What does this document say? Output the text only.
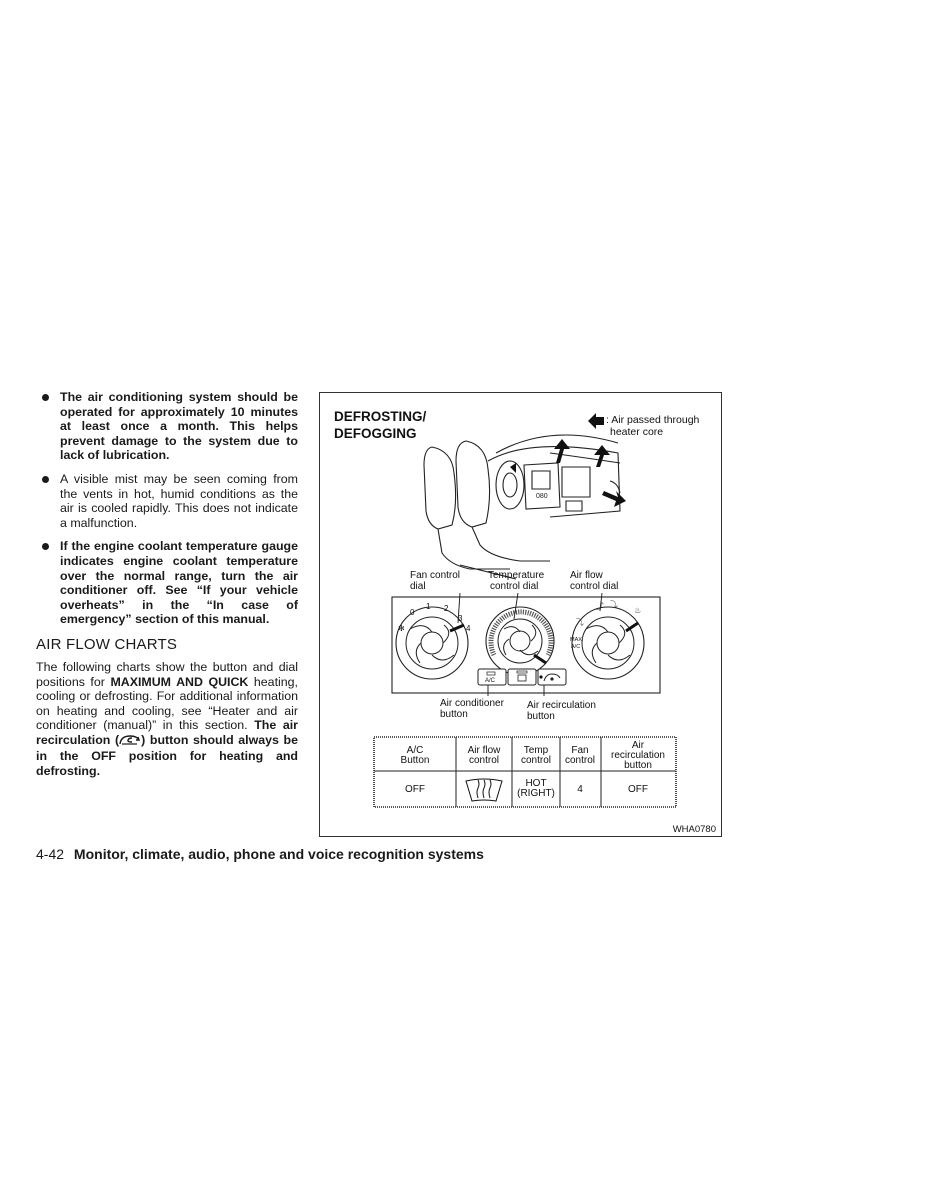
The air conditioning system should be operated for approximately 10 minutes at least once a month. This helps prevent damage to the system due to lack of lubrication.
A visible mist may be seen coming from the vents in hot, humid conditions as the air is cooled rapidly. This does not indicate a malfunction.
If the engine coolant temperature gauge indicates engine coolant temperature over the normal range, turn the air conditioner off. See “If your vehicle overheats” in the “In case of emergency” section of this manual.
AIR FLOW CHARTS
The following charts show the button and dial positions for MAXIMUM AND QUICK heating, cooling or defrosting. For additional information on heating and cooling, see “Heater and air conditioner (manual)” in this section. The air recirculation ( ) button should always be in the OFF position for heating and defrosting.
DEFROSTING/
DEFOGGING
: Air passed through
heater core
080
Fan control
dial
Temperature
control dial
Air flow
control dial
✻
0
1 2
3
4
MAX
A/C
⤴ ⤵
♨
⤵
A/C
Air conditioner
button
Air recirculation
button
A/C
Button
Air flow
control
Temp
control
Fan
control
Air
recirculation
button
OFF
HOT
(RIGHT) 4	OFF
WHA0780
4-42 Monitor, climate, audio, phone and voice recognition systems
